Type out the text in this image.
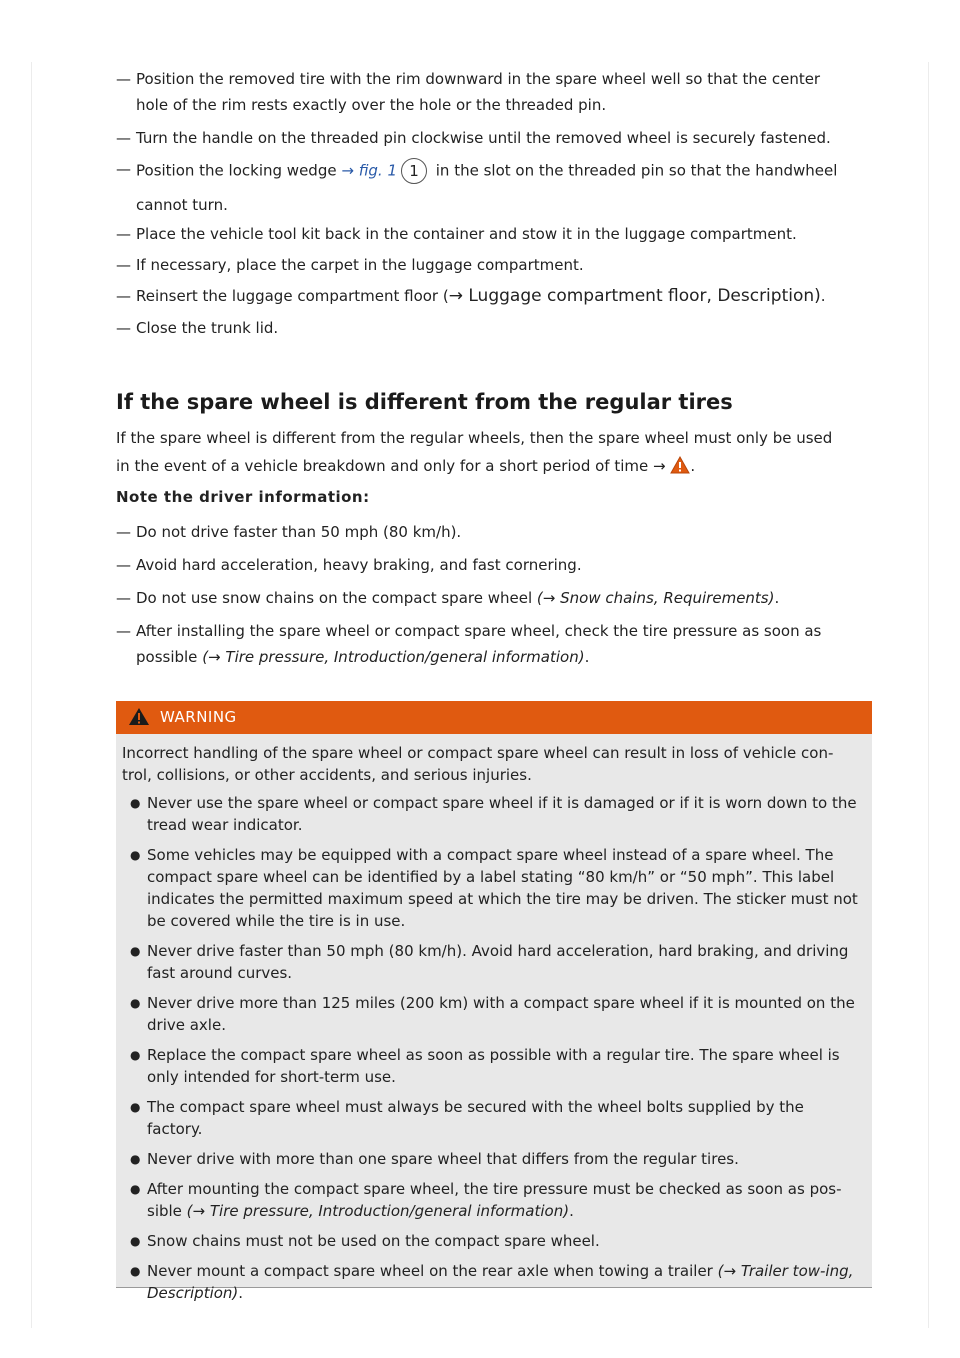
— Position the removed tire with the rim downward in the spare wheel well so that the center
hole of the rim rests exactly over the hole or the threaded pin.
— Turn the handle on the threaded pin clockwise until the removed wheel is securely fastened.
— Position the locking wedge → fig. 1 1 in the slot on the threaded pin so that the handwheel
cannot turn.
— Place the vehicle tool kit back in the container and stow it in the luggage compartment.
— If necessary, place the carpet in the luggage compartment.
— Reinsert the luggage compartment floor (→ Luggage compartment floor, Description).
— Close the trunk lid.
If the spare wheel is different from the regular tires

If the spare wheel is different from the regular wheels, then the spare wheel must only be used

in the event of a vehicle breakdown and only for a short period of time → .

Note the driver information:

— Do not drive faster than 50 mph (80 km/h).
— Avoid hard acceleration, heavy braking, and fast cornering.
— Do not use snow chains on the compact spare wheel (→ Snow chains, Requirements).
— After installing the spare wheel or compact spare wheel, check the tire pressure as soon as
possible (→ Tire pressure, Introduction/general information).
WARNING

Incorrect handling of the spare wheel or compact spare wheel can result in loss of vehicle con-trol, collisions, or other accidents, and serious injuries.

● Never use the spare wheel or compact spare wheel if it is damaged or if it is worn down to the tread wear indicator.
● Some vehicles may be equipped with a compact spare wheel instead of a spare wheel. The compact spare wheel can be identified by a label stating “80 km/h” or “50 mph”. This label indicates the permitted maximum speed at which the tire may be driven. The sticker must not be covered while the tire is in use.
● Never drive faster than 50 mph (80 km/h). Avoid hard acceleration, hard braking, and driving fast around curves.
● Never drive more than 125 miles (200 km) with a compact spare wheel if it is mounted on the drive axle.
● Replace the compact spare wheel as soon as possible with a regular tire. The spare wheel is only intended for short-term use.
● The compact spare wheel must always be secured with the wheel bolts supplied by the factory.
● Never drive with more than one spare wheel that differs from the regular tires.
● After mounting the compact spare wheel, the tire pressure must be checked as soon as pos-sible (→ Tire pressure, Introduction/general information).
● Snow chains must not be used on the compact spare wheel.
● Never mount a compact spare wheel on the rear axle when towing a trailer (→ Trailer tow-ing, Description).
